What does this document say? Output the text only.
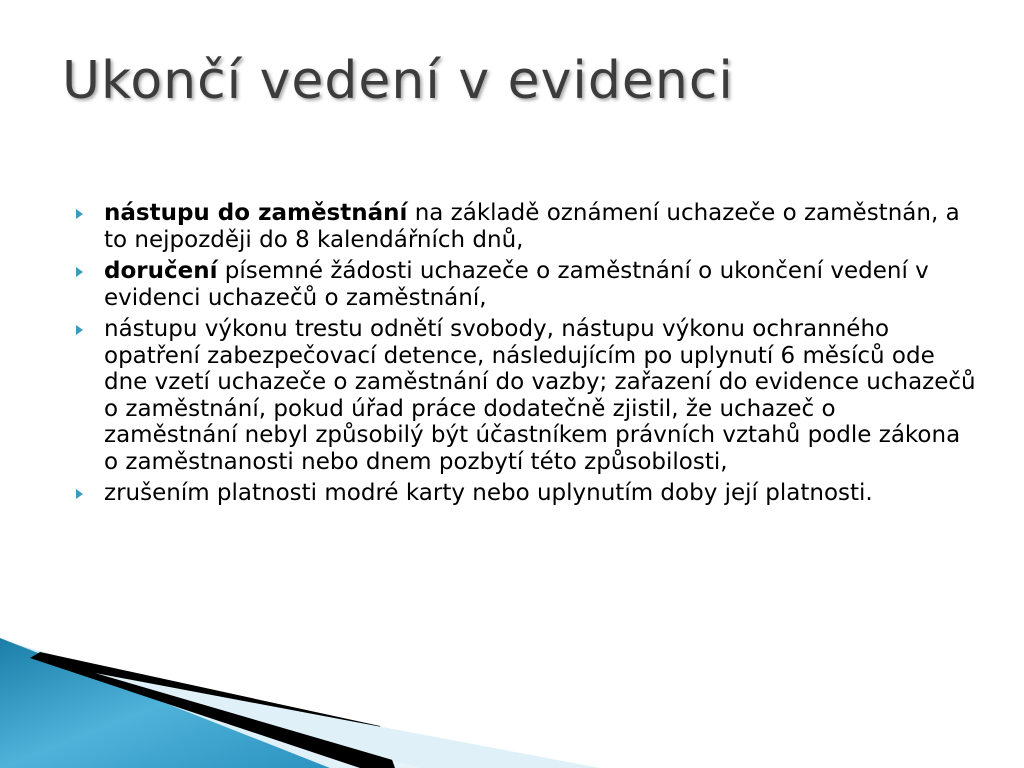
Ukončí vedení v evidenci
nástupu do zaměstnání na základě oznámení uchazeče o zaměstnán, a to nejpozději do 8 kalendářních dnů,
doručení písemné žádosti uchazeče o zaměstnání o ukončení vedení v evidenci uchazečů o zaměstnání,
nástupu výkonu trestu odnětí svobody, nástupu výkonu ochranného opatření zabezpečovací detence, následujícím po uplynutí 6 měsíců ode dne vzetí uchazeče o zaměstnání do vazby; zařazení do evidence uchazečů o zaměstnání, pokud úřad práce dodatečně zjistil, že uchazeč o zaměstnání nebyl způsobilý být účastníkem právních vztahů podle zákona o zaměstnanosti nebo dnem pozbytí této způsobilosti,
zrušením platnosti modré karty nebo uplynutím doby její platnosti.
